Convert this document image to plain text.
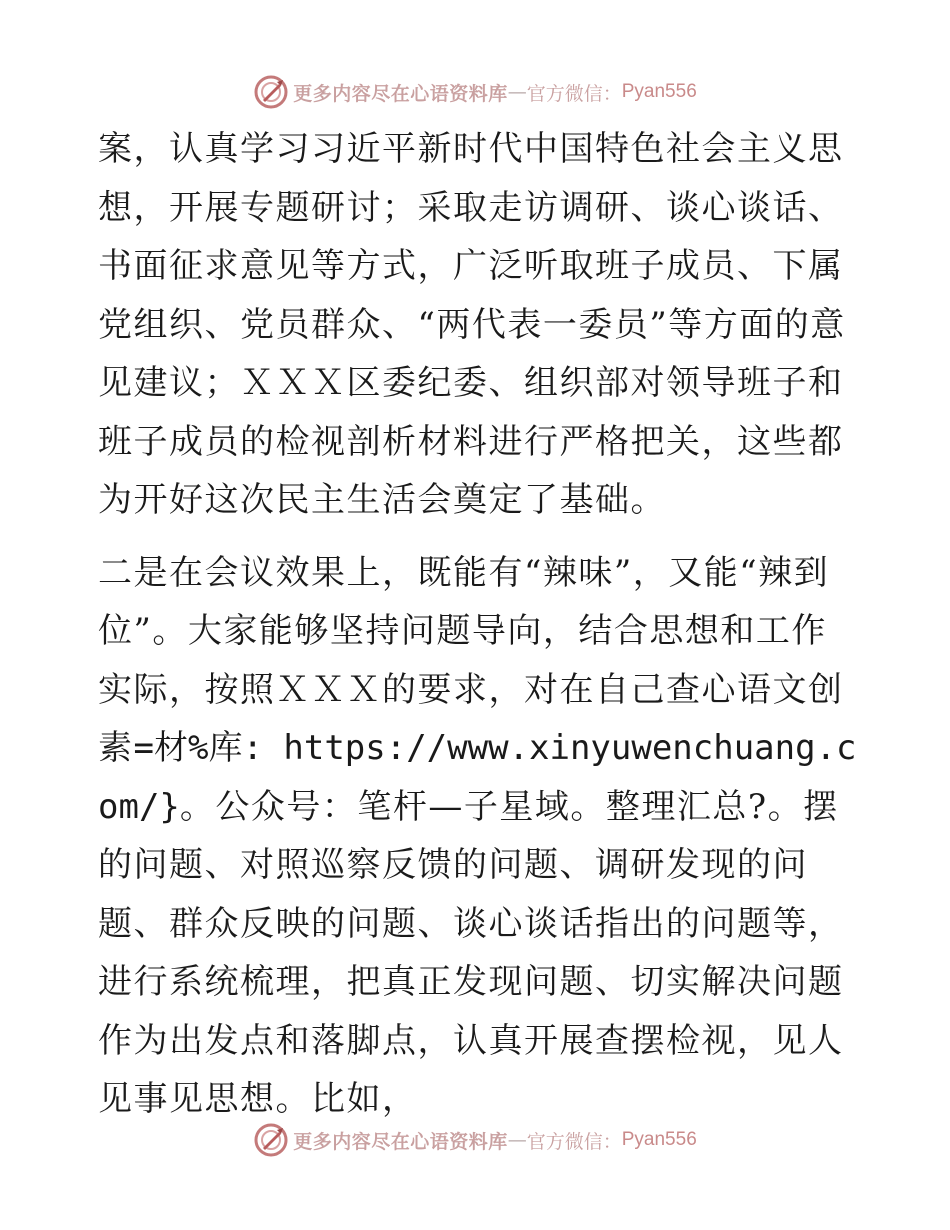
更多内容尽在心语资料库 — 官方微信： Pyan556

案，认真学习习近平新时代中国特色社会主义思想，开展专题研讨；采取走访调研、谈心谈话、书面征求意见等方式，广泛听取班子成员、下属党组织、党员群众、“两代表一委员”等方面的意见建议；ＸＸＸ区委纪委、组织部对领导班子和班子成员的检视剖析材料进行严格把关，这些都为开好这次民主生活会奠定了基础。

二是在会议效果上，既能有“辣味”，又能“辣到位”。大家能够坚持问题导向，结合思想和工作实际，按照ＸＸＸ的要求，对在自己查心语文创素=材%库: https://www.xinyuwenchuang.com/}。公众号：笔杆—子星域。整理汇总?。摆的问题、对照巡察反馈的问题、调研发现的问题、群众反映的问题、谈心谈话指出的问题等，进行系统梳理，把真正发现问题、切实解决问题作为出发点和落脚点，认真开展查摆检视，见人见事见思想。比如，

更多内容尽在心语资料库 — 官方微信： Pyan556
